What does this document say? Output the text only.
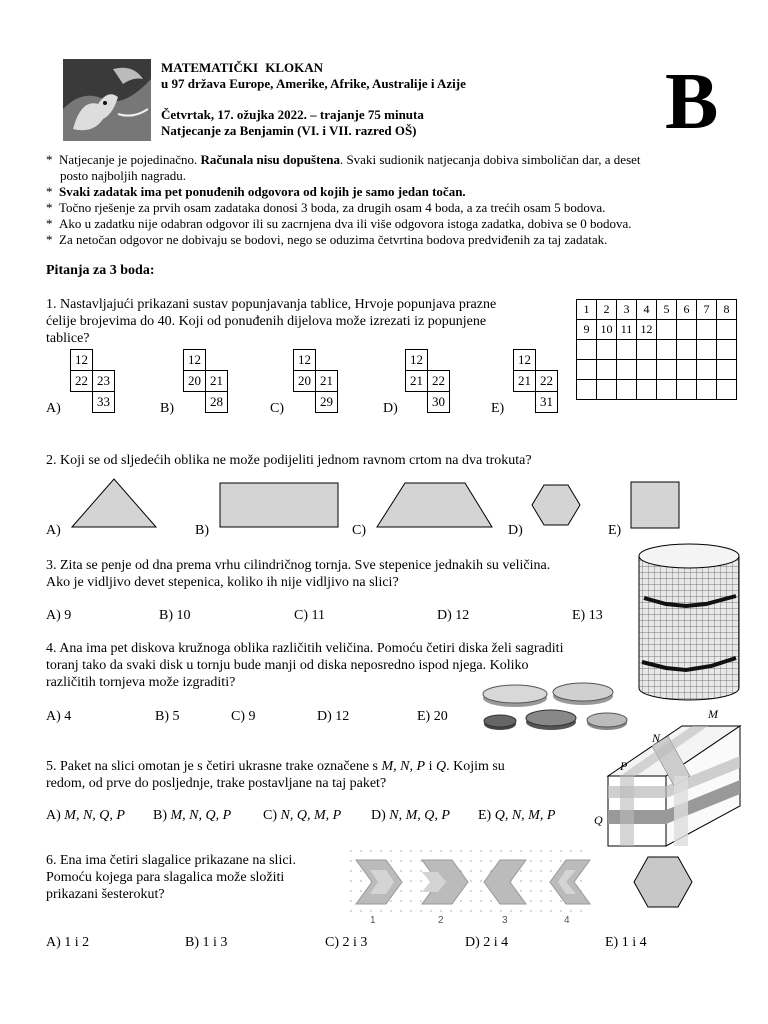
MATEMATIČKI KLOKAN
u 97 država Europe, Amerike, Afrike, Australije i Azije
Četvrtak, 17. ožujka 2022. – trajanje 75 minuta
Natjecanje za Benjamin (VI. i VII. razred OŠ)	B
*  Natjecanje je pojedinačno. Računala nisu dopuštena. Svaki sudionik natjecanja dobiva simboličan dar, a deset
posto najboljih nagradu.
*  Svaki zadatak ima pet ponuđenih odgovora od kojih je samo jedan točan.
*  Točno rješenje za prvih osam zadataka donosi 3 boda, za drugih osam 4 boda, a za trećih osam 5 bodova.
*  Ako u zadatku nije odabran odgovor ili su zacrnjena dva ili više odgovora istoga zadatka, dobiva se 0 bodova.
*  Za netočan odgovor ne dobivaju se bodovi, nego se oduzima četvrtina bodova predviđenih za taj zadatak.
Pitanja za 3 boda:
1. Nastavljajući prikazani sustav popunjavanja tablice, Hrvoje popunjava prazne
ćelije brojevima do 40. Koji od ponuđenih dijelova može izrezati iz popunjene
tablice?
1	2	3	4	5	6	7	8
9	10	11	12				

A)
12
22 23
33	B)
12
20 21
28	C)
12
20 21
29	D)
12
21 22
30	E)
12
21 22
31
2. Koji se od sljedećih oblika ne može podijeliti jednom ravnom crtom na dva trokuta?
A)	B)	C)	D)	E)
3. Zita se penje od dna prema vrhu cilindričnog tornja. Sve stepenice jednakih su veličina.
Ako je vidljivo devet stepenica, koliko ih nije vidljivo na slici?
A) 9	B) 10	C) 11	D) 12	E) 13
4. Ana ima pet diskova kružnoga oblika različitih veličina. Pomoću četiri diska želi sagraditi
toranj tako da svaki disk u tornju bude manji od diska neposredno ispod njega. Koliko
različitih tornjeva može izgraditi?
A) 4	B) 5	C) 9	D) 12	E) 20
5. Paket na slici omotan je s četiri ukrasne trake označene s M, N, P i Q. Kojim su
redom, od prve do posljednje, trake postavljane na taj paket?
A) M, N, Q, P B) M, N, Q, P C) N, Q, M, P D) N, M, Q, P E) Q, N, M, P
M
N
P
Q
6. Ena ima četiri slagalice prikazane na slici.
Pomoću kojega para slagalica može složiti
prikazani šesterokut?
1	2	3	4
A) 1 i 2	B) 1 i 3	C) 2 i 3	D) 2 i 4	E) 1 i 4
